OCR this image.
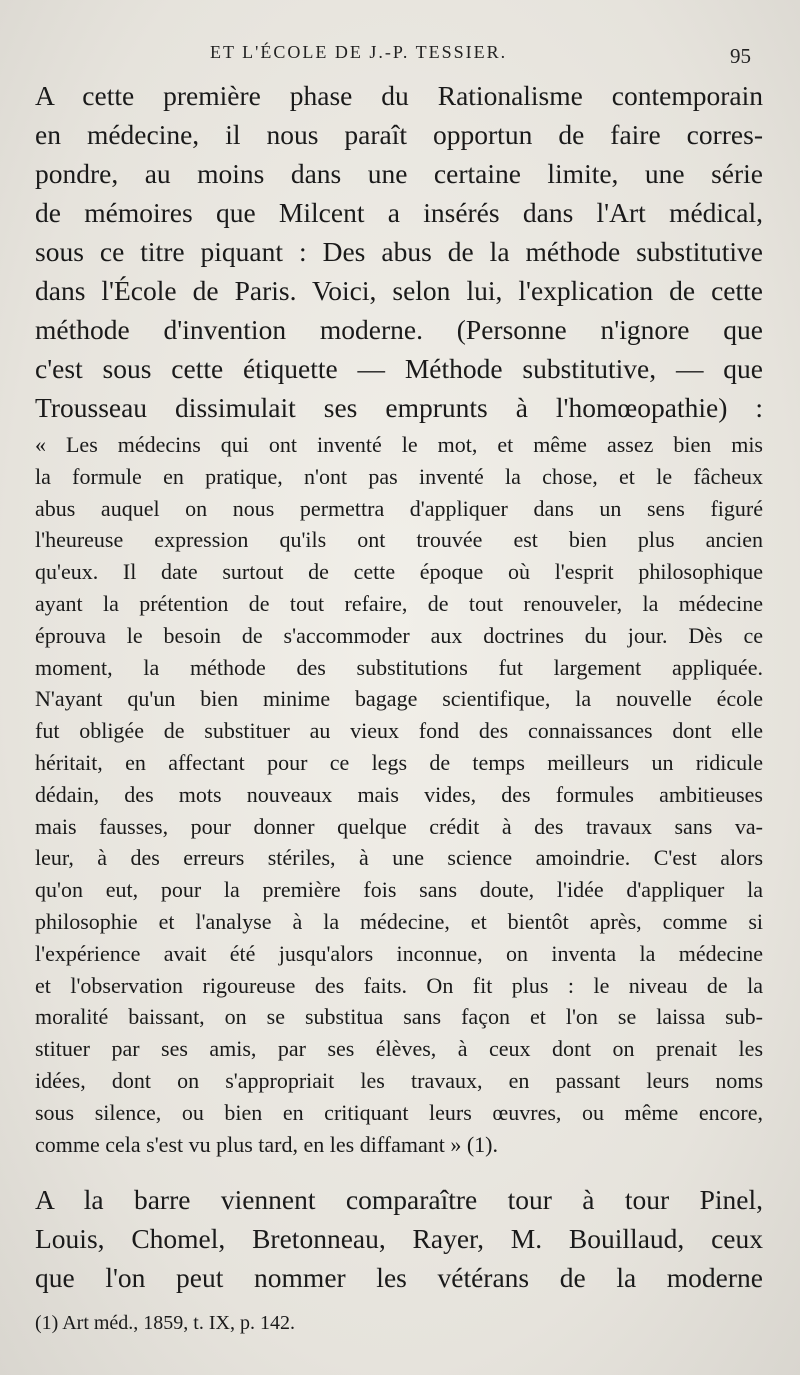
ET L'ÉCOLE DE J.-P. TESSIER.	95
A cette première phase du Rationalisme contemporain
en médecine, il nous paraît opportun de faire corres-
pondre, au moins dans une certaine limite, une série
de mémoires que Milcent a insérés dans l'Art médical,
sous ce titre piquant : Des abus de la méthode substitutive
dans l'École de Paris. Voici, selon lui, l'explication de cette
méthode d'invention moderne. (Personne n'ignore que
c'est sous cette étiquette — Méthode substitutive, — que
Trousseau dissimulait ses emprunts à l'homœopathie) :
« Les médecins qui ont inventé le mot, et même assez bien mis
la formule en pratique, n'ont pas inventé la chose, et le fâcheux
abus auquel on nous permettra d'appliquer dans un sens figuré
l'heureuse expression qu'ils ont trouvée est bien plus ancien
qu'eux. Il date surtout de cette époque où l'esprit philosophique
ayant la prétention de tout refaire, de tout renouveler, la médecine
éprouva le besoin de s'accommoder aux doctrines du jour. Dès ce
moment, la méthode des substitutions fut largement appliquée.
N'ayant qu'un bien minime bagage scientifique, la nouvelle école
fut obligée de substituer au vieux fond des connaissances dont elle
héritait, en affectant pour ce legs de temps meilleurs un ridicule
dédain, des mots nouveaux mais vides, des formules ambitieuses
mais fausses, pour donner quelque crédit à des travaux sans va-
leur, à des erreurs stériles, à une science amoindrie. C'est alors
qu'on eut, pour la première fois sans doute, l'idée d'appliquer la
philosophie et l'analyse à la médecine, et bientôt après, comme si
l'expérience avait été jusqu'alors inconnue, on inventa la médecine
et l'observation rigoureuse des faits. On fit plus : le niveau de la
moralité baissant, on se substitua sans façon et l'on se laissa sub-
stituer par ses amis, par ses élèves, à ceux dont on prenait les
idées, dont on s'appropriait les travaux, en passant leurs noms
sous silence, ou bien en critiquant leurs œuvres, ou même encore,
comme cela s'est vu plus tard, en les diffamant » (1).
A la barre viennent comparaître tour à tour Pinel,
Louis, Chomel, Bretonneau, Rayer, M. Bouillaud, ceux
que l'on peut nommer les vétérans de la moderne
(1) Art méd., 1859, t. IX, p. 142.
